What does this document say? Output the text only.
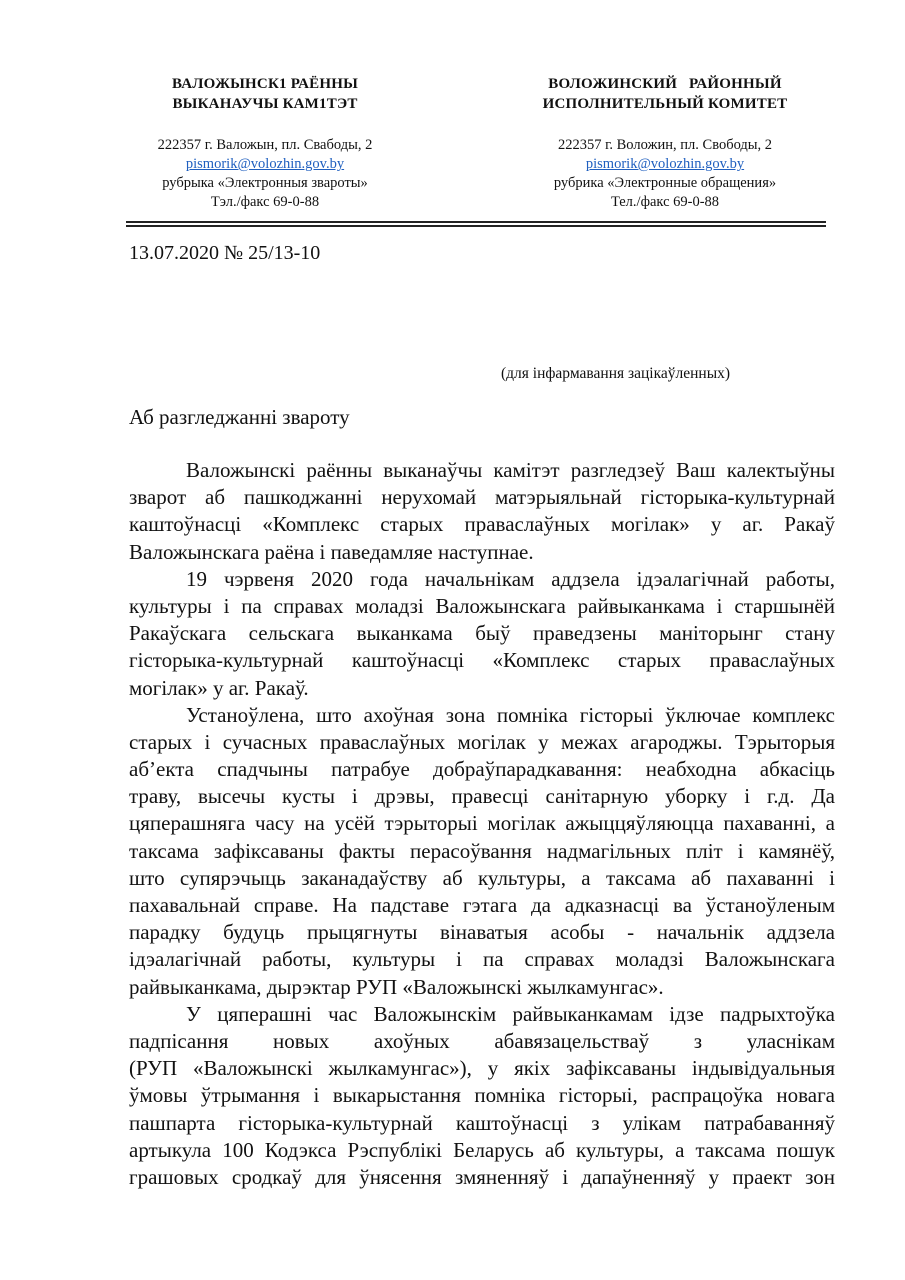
ВАЛОЖЫНСК1 РАЁННЫ
ВЫКАНАУЧЫ КАМ1ТЭТ
222357 г. Валожын, пл. Свабоды, 2
pismorik@volozhin.gov.by
рубрыка «Электронныя звароты»
Тэл./факс 69-0-88
ВОЛОЖИНСКИЙ   РАЙОННЫЙ
ИСПОЛНИТЕЛЬНЫЙ КОМИТЕТ
222357 г. Воложин, пл. Свободы, 2
pismorik@volozhin.gov.by
рубрика «Электронные обращения»
Тел./факс 69-0-88
13.07.2020 № 25/13-10
(для інфармавання зацікаўленных)
Аб разгледжанні звароту
Валожынскі раённы выканаўчы камітэт разгледзеў Ваш калектыўны
зварот аб пашкоджанні нерухомай матэрыяльнай гісторыка-культурнай
каштоўнасці «Комплекс старых праваслаўных могілак» у аг. Ракаў
Валожынскага раёна і паведамляе наступнае.
19 чэрвеня 2020 года начальнікам аддзела ідэалагічнай работы,
культуры і па справах моладзі Валожынскага райвыканкама і старшынёй
Ракаўскага сельскага выканкама быў праведзены маніторынг стану
гісторыка-культурнай каштоўнасці «Комплекс старых праваслаўных
могілак» у аг. Ракаў.
Устаноўлена, што ахоўная зона помніка гісторыі ўключае комплекс
старых і сучасных праваслаўных могілак у межах агароджы. Тэрыторыя
аб’екта спадчыны патрабуе добраўпарадкавання: неабходна абкасіць
траву, высечы кусты і дрэвы, правесці санітарную уборку і г.д. Да
цяперашняга часу на усёй тэрыторыі могілак ажыццяўляюцца пахаванні, а
таксама зафіксаваны факты перасоўвання надмагільных пліт і камянёў,
што супярэчыць заканадаўству аб культуры, а таксама аб пахаванні і
пахавальнай справе. На падставе гэтага да адказнасці ва ўстаноўленым
парадку будуць прыцягнуты вінаватыя асобы - начальнік аддзела
ідэалагічнай работы, культуры і па справах моладзі Валожынскага
райвыканкама, дырэктар РУП «Валожынскі жылкамунгас».
У цяперашні час Валожынскім райвыканкамам ідзе падрыхтоўка
падпісання новых ахоўных абавязацельстваў з уласнікам
(РУП «Валожынскі жылкамунгас»), у якіх зафіксаваны індывідуальныя
ўмовы ўтрымання і выкарыстання помніка гісторыі, распрацоўка новага
пашпарта гісторыка-культурнай каштоўнасці з улікам патрабаванняў
артыкула 100 Кодэкса Рэспублікі Беларусь аб культуры, а таксама пошук
грашовых сродкаў для ўнясення змяненняў і дапаўненняў у праект зон
